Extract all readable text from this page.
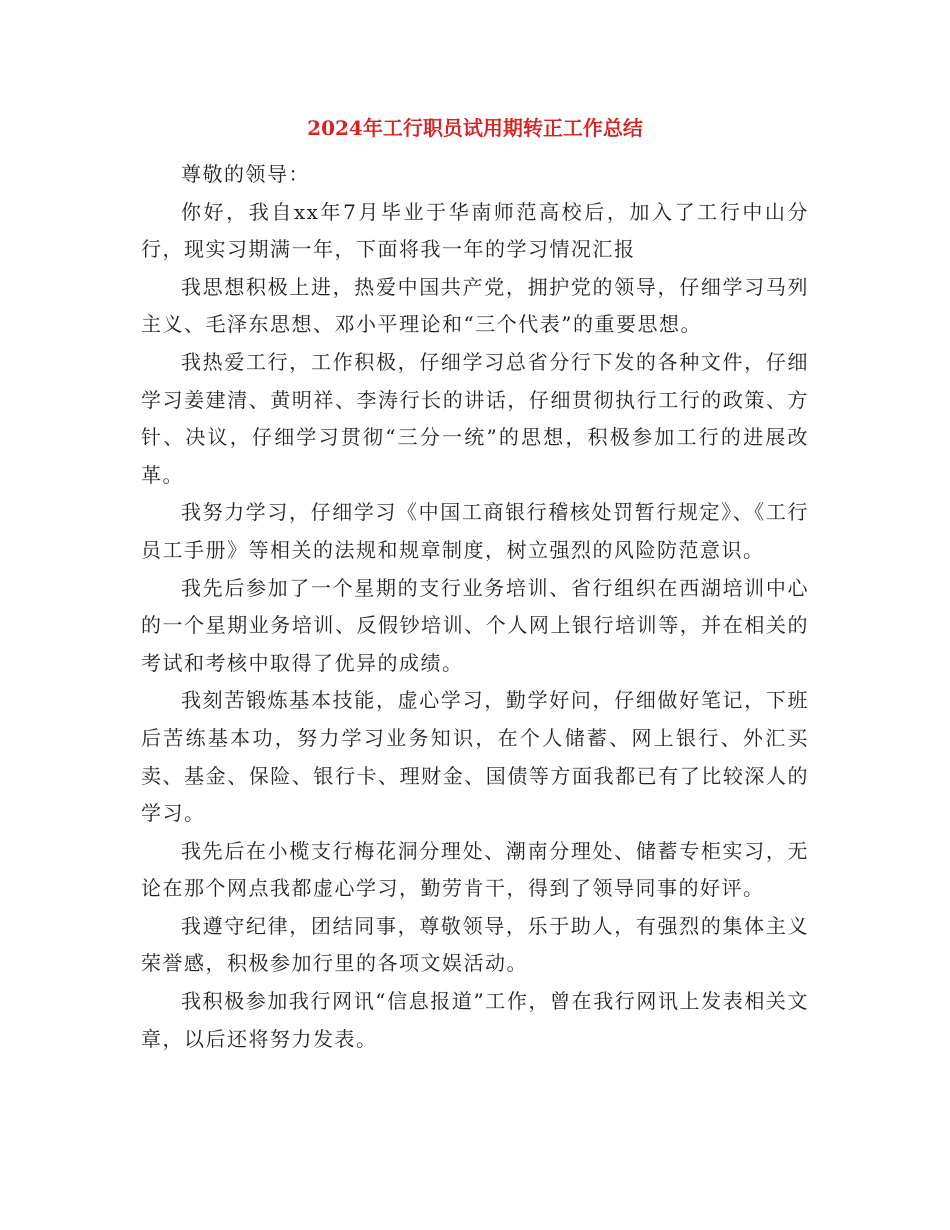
2024年工行职员试用期转正工作总结

尊敬的领导：

你好，我自xx年7月毕业于华南师范高校后，加入了工行中山分行，现实习期满一年，下面将我一年的学习情况汇报

我思想积极上进，热爱中国共产党，拥护党的领导，仔细学习马列主义、毛泽东思想、邓小平理论和“三个代表”的重要思想。

我热爱工行，工作积极，仔细学习总省分行下发的各种文件，仔细学习姜建清、黄明祥、李涛行长的讲话，仔细贯彻执行工行的政策、方针、决议，仔细学习贯彻“三分一统”的思想，积极参加工行的进展改革。

我努力学习，仔细学习《中国工商银行稽核处罚暂行规定》、《工行员工手册》等相关的法规和规章制度，树立强烈的风险防范意识。

我先后参加了一个星期的支行业务培训、省行组织在西湖培训中心的一个星期业务培训、反假钞培训、个人网上银行培训等，并在相关的考试和考核中取得了优异的成绩。

我刻苦锻炼基本技能，虚心学习，勤学好问，仔细做好笔记，下班后苦练基本功，努力学习业务知识，在个人储蓄、网上银行、外汇买卖、基金、保险、银行卡、理财金、国债等方面我都已有了比较深人的学习。

我先后在小榄支行梅花洞分理处、潮南分理处、储蓄专柜实习，无论在那个网点我都虚心学习，勤劳肯干，得到了领导同事的好评。

我遵守纪律，团结同事，尊敬领导，乐于助人，有强烈的集体主义荣誉感，积极参加行里的各项文娱活动。

我积极参加我行网讯“信息报道”工作，曾在我行网讯上发表相关文章，以后还将努力发表。
